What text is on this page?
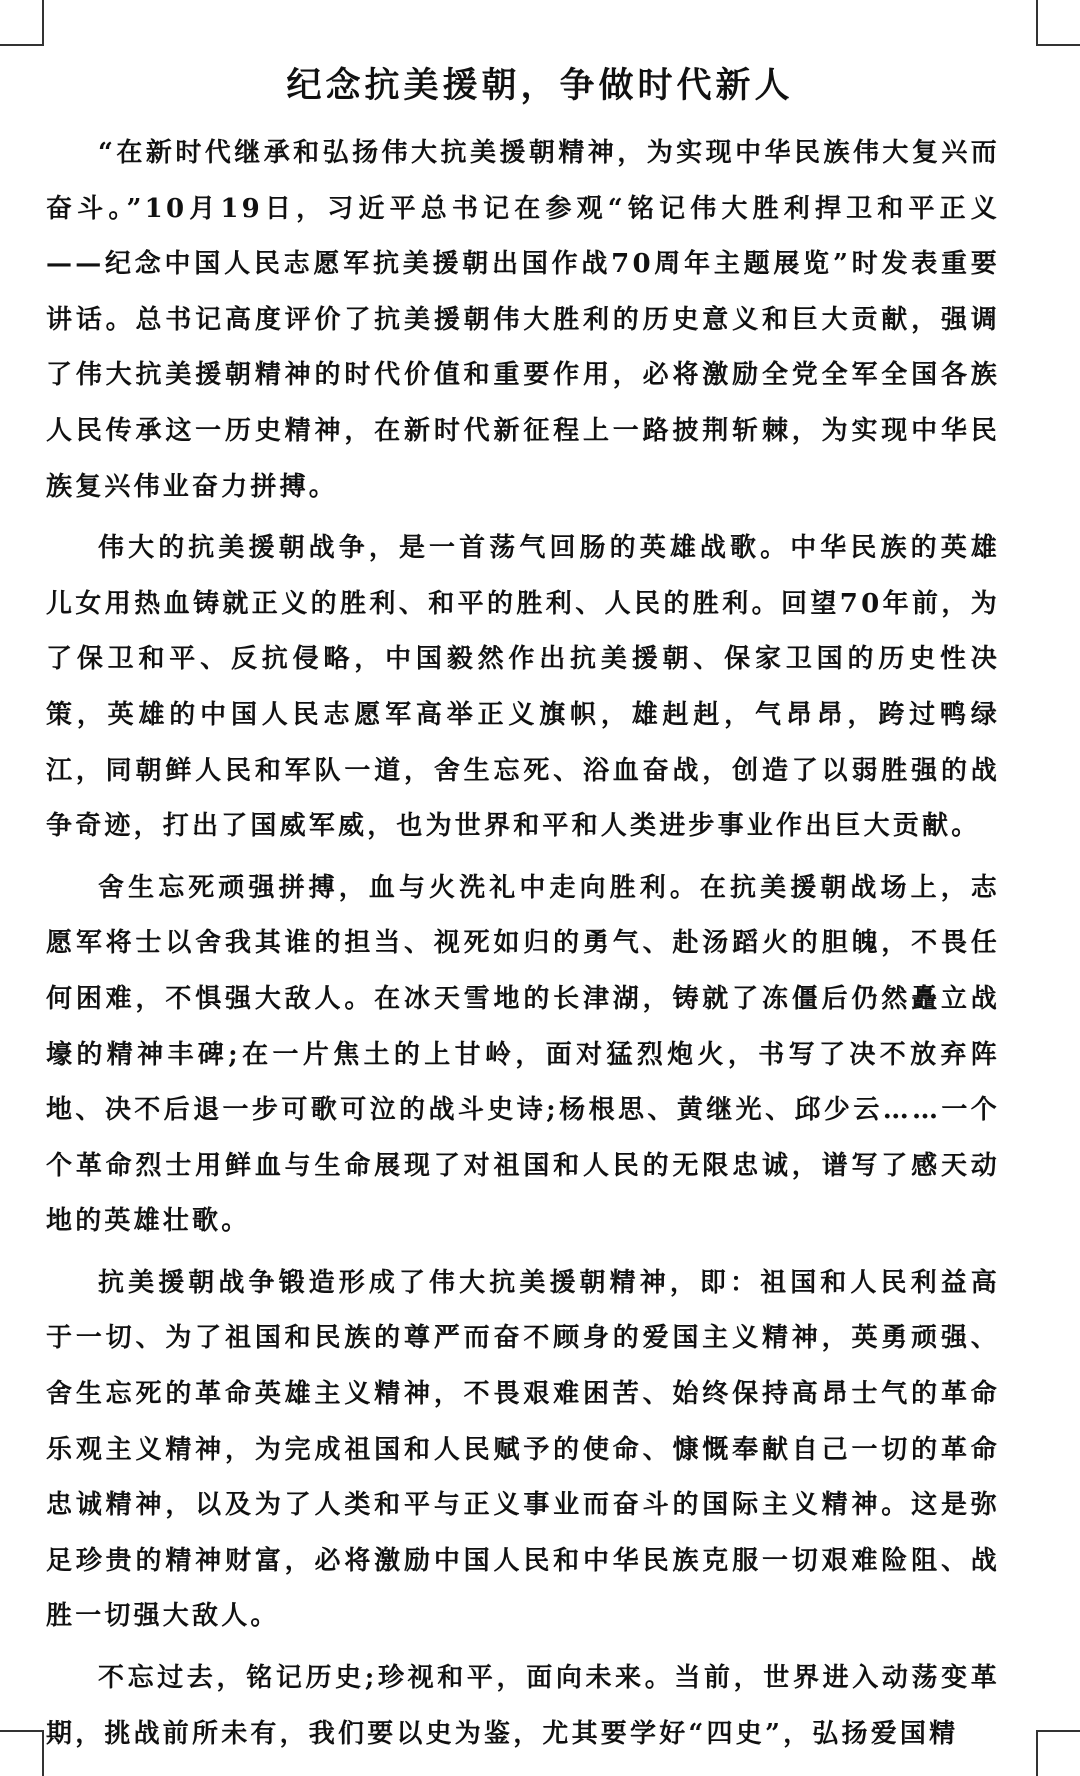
纪念抗美援朝，争做时代新人

“在新时代继承和弘扬伟大抗美援朝精神，为实现中华民族伟大复兴而奋斗。”10月19日，习近平总书记在参观“铭记伟大胜利捍卫和平正义——纪念中国人民志愿军抗美援朝出国作战70周年主题展览”时发表重要讲话。总书记高度评价了抗美援朝伟大胜利的历史意义和巨大贡献，强调了伟大抗美援朝精神的时代价值和重要作用，必将激励全党全军全国各族人民传承这一历史精神，在新时代新征程上一路披荆斩棘，为实现中华民族复兴伟业奋力拼搏。

伟大的抗美援朝战争，是一首荡气回肠的英雄战歌。中华民族的英雄儿女用热血铸就正义的胜利、和平的胜利、人民的胜利。回望70年前，为了保卫和平、反抗侵略，中国毅然作出抗美援朝、保家卫国的历史性决策，英雄的中国人民志愿军高举正义旗帜，雄赳赳，气昂昂，跨过鸭绿江，同朝鲜人民和军队一道，舍生忘死、浴血奋战，创造了以弱胜强的战争奇迹，打出了国威军威，也为世界和平和人类进步事业作出巨大贡献。

舍生忘死顽强拼搏，血与火洗礼中走向胜利。在抗美援朝战场上，志愿军将士以舍我其谁的担当、视死如归的勇气、赴汤蹈火的胆魄，不畏任何困难，不惧强大敌人。在冰天雪地的长津湖，铸就了冻僵后仍然矗立战壕的精神丰碑;在一片焦土的上甘岭，面对猛烈炮火，书写了决不放弃阵地、决不后退一步可歌可泣的战斗史诗;杨根思、黄继光、邱少云……一个个革命烈士用鲜血与生命展现了对祖国和人民的无限忠诚，谱写了感天动地的英雄壮歌。

抗美援朝战争锻造形成了伟大抗美援朝精神，即：祖国和人民利益高于一切、为了祖国和民族的尊严而奋不顾身的爱国主义精神，英勇顽强、舍生忘死的革命英雄主义精神，不畏艰难困苦、始终保持高昂士气的革命乐观主义精神，为完成祖国和人民赋予的使命、慷慨奉献自己一切的革命忠诚精神，以及为了人类和平与正义事业而奋斗的国际主义精神。这是弥足珍贵的精神财富，必将激励中国人民和中华民族克服一切艰难险阻、战胜一切强大敌人。

不忘过去，铭记历史;珍视和平，面向未来。当前，世界进入动荡变革期，挑战前所未有，我们要以史为鉴，尤其要学好“四史”，弘扬爱国精
